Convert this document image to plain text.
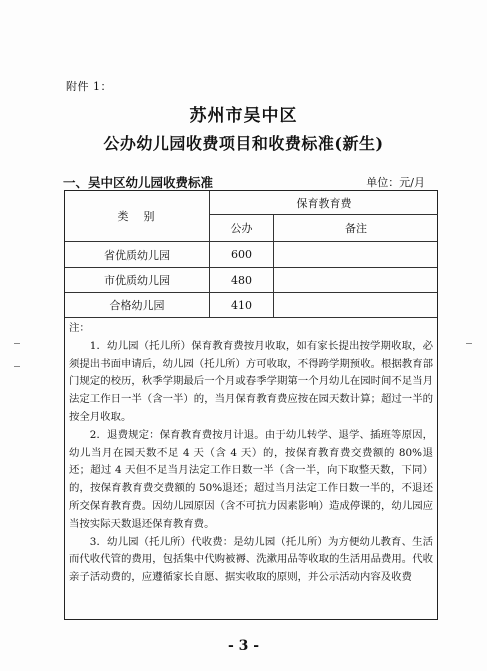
附件 1：
苏州市吴中区
公办幼儿园收费项目和收费标准(新生)
一、吴中区幼儿园收费标准	单位：元/月
类　别
保育教育费
公办	备注
省优质幼儿园	600
市优质幼儿园	480
合格幼儿园	410

注：

1．幼儿园（托儿所）保育教育费按月收取，如有家长提出按学期收取，必须提出书面申请后，幼儿园（托儿所）方可收取，不得跨学期预收。根据教育部门规定的校历，秋季学期最后一个月或春季学期第一个月幼儿在园时间不足当月法定工作日一半（含一半）的，当月保育教育费应按在园天数计算；超过一半的按全月收取。

2．退费规定：保育教育费按月计退。由于幼儿转学、退学、插班等原因，幼儿当月在园天数不足 4 天（含 4 天）的，按保育教育费交费额的 80%退还；超过 4 天但不足当月法定工作日数一半（含一半，向下取整天数，下同）的，按保育教育费交费额的 50%退还；超过当月法定工作日数一半的，不退还所交保育教育费。因幼儿园原因（含不可抗力因素影响）造成停课的，幼儿园应当按实际天数退还保育教育费。

3．幼儿园（托儿所）代收费：是幼儿园（托儿所）为方便幼儿教育、生活而代收代管的费用，包括集中代购被褥、洗漱用品等收取的生活用品费用。代收亲子活动费的，应遵循家长自愿、据实收取的原则，并公示活动内容及收费

- 3 -
